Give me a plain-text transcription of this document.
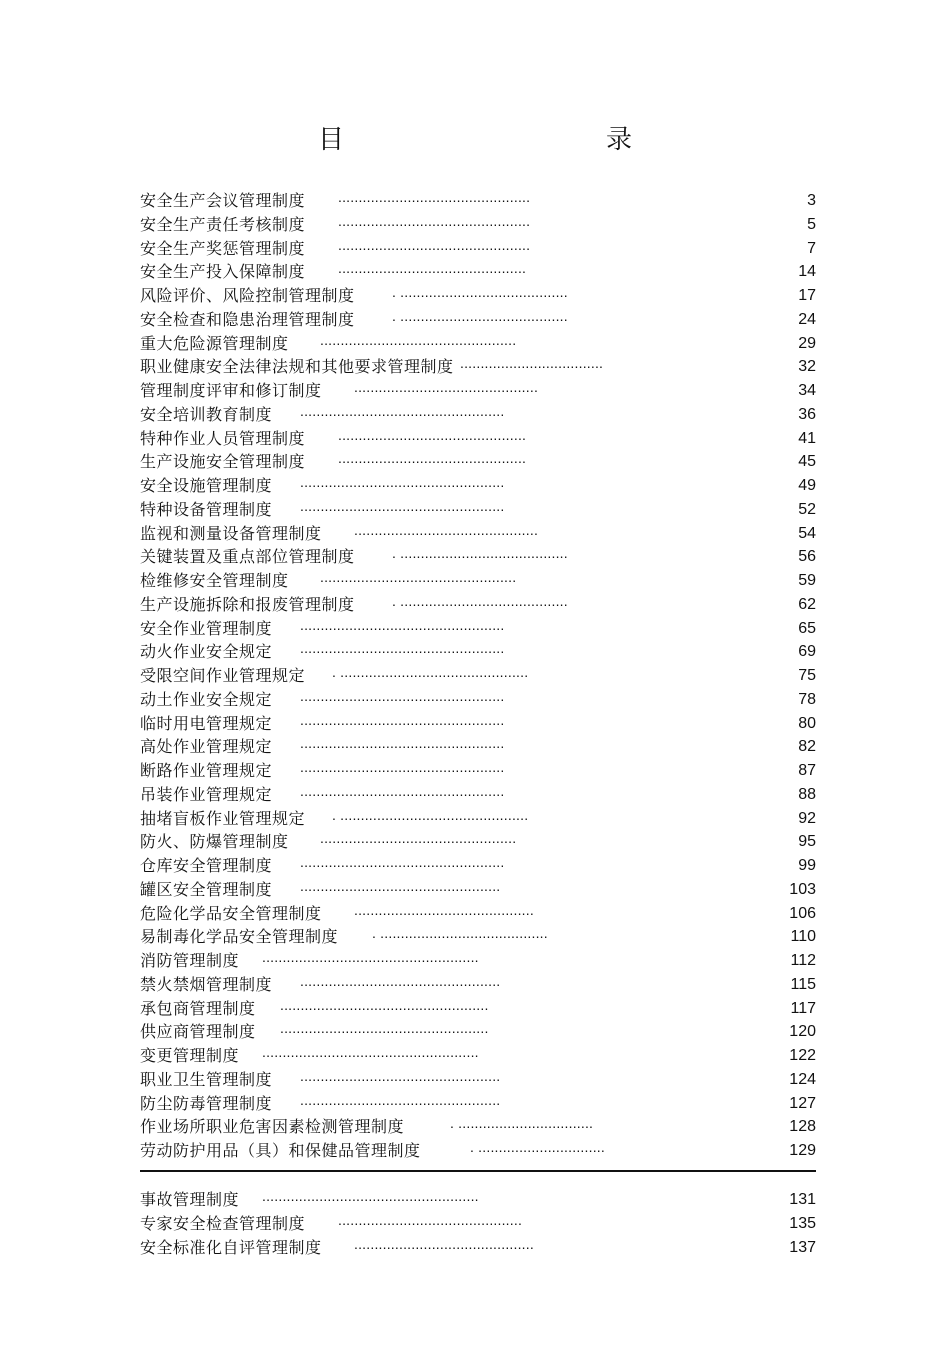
目　　录
安全生产会议管理制度 ...............................................	3
安全生产责任考核制度 ...............................................	5
安全生产奖惩管理制度 ...............................................	7
安全生产投入保障制度 ..............................................	14
风险评价、风险控制管理制度	. .........................................	17
安全检查和隐患治理管理制度	. .........................................	24
重大危险源管理制度 ................................................	29
职业健康安全法律法规和其他要求管理制度 ...................................	32
管理制度评审和修订制度 .............................................	34
安全培训教育制度 ..................................................	36
特种作业人员管理制度 ..............................................	41
生产设施安全管理制度 ..............................................	45
安全设施管理制度 ..................................................	49
特种设备管理制度 ..................................................	52
监视和测量设备管理制度 .............................................	54
关键装置及重点部位管理制度	. .........................................	56
检维修安全管理制度 ................................................	59
生产设施拆除和报废管理制度	. .........................................	62
安全作业管理制度 ..................................................	65
动火作业安全规定 ..................................................	69
受限空间作业管理规定 . ..............................................	75
动土作业安全规定 ..................................................	78
临时用电管理规定 ..................................................	80
高处作业管理规定 ..................................................	82
断路作业管理规定 ..................................................	87
吊装作业管理规定 ..................................................	88
抽堵盲板作业管理规定 . ..............................................	92
防火、防爆管理制度 ................................................	95
仓库安全管理制度 ..................................................	99
罐区安全管理制度 .................................................	103
危险化学品安全管理制度 ............................................	106
易制毒化学品安全管理制度 . .........................................	110
消防管理制度 .....................................................	112
禁火禁烟管理制度 .................................................	115
承包商管理制度 ...................................................	117
供应商管理制度 ...................................................	120
变更管理制度 .....................................................	122
职业卫生管理制度 .................................................	124
防尘防毒管理制度 .................................................	127
作业场所职业危害因素检测管理制度	. .................................	128
劳动防护用品（具）和保健品管理制度	. ...............................	129
事故管理制度 .....................................................	131
专家安全检查管理制度 .............................................	135
安全标准化自评管理制度 ............................................	137
